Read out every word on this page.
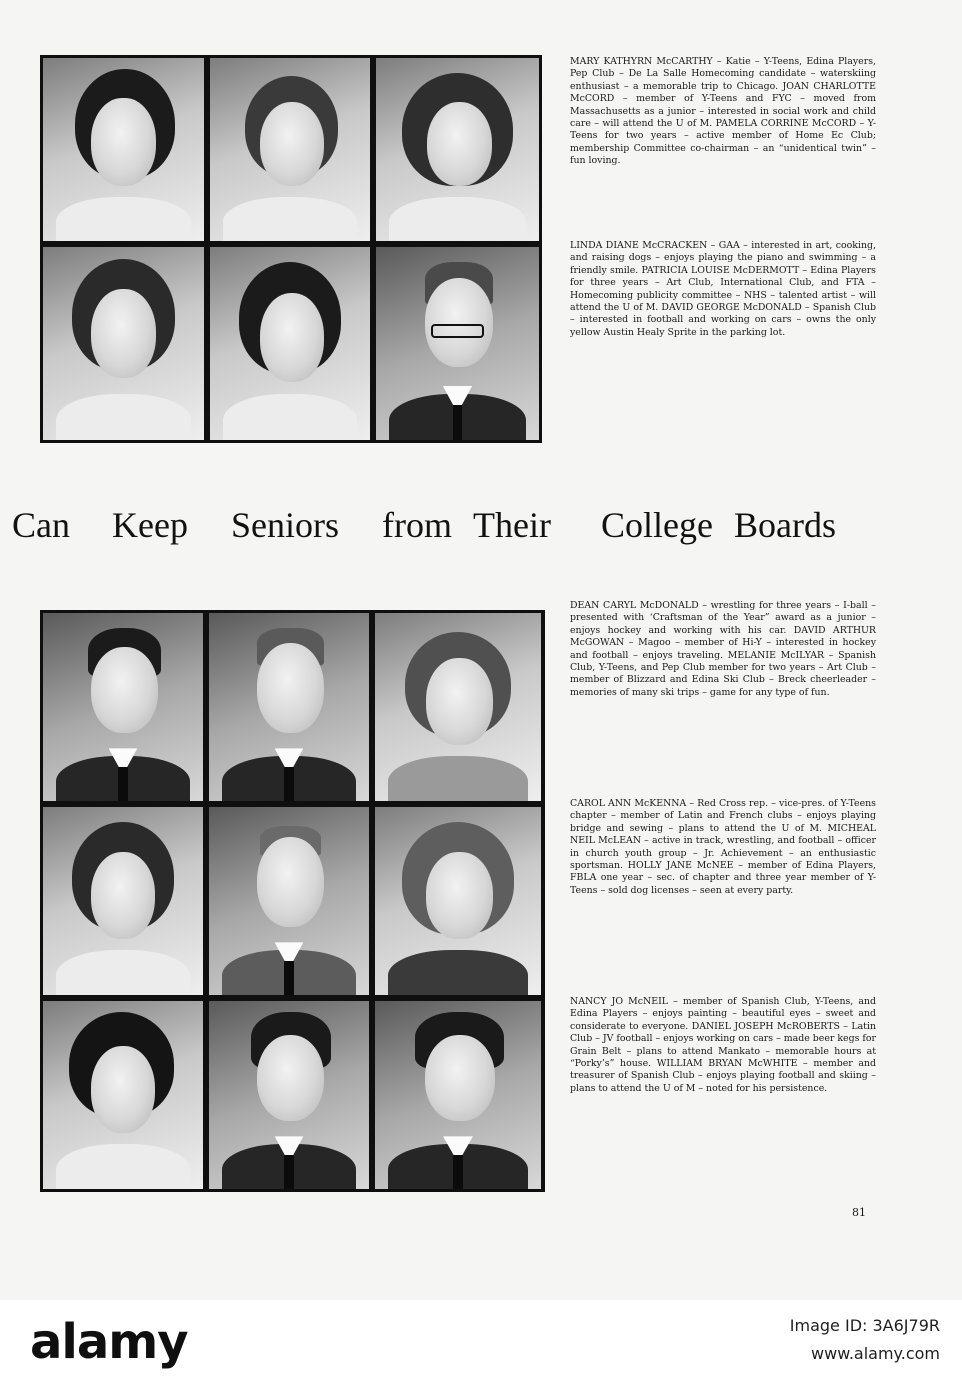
MARY KATHYRN McCARTHY – Katie – Y-Teens, Edina Players, Pep Club – De La Salle Homecoming candidate – waterskiing enthusiast – a memorable trip to Chicago. JOAN CHARLOTTE McCORD – member of Y-Teens and FYC – moved from Massachusetts as a junior – interested in social work and child care – will attend the U of M. PAMELA CORRINE McCORD – Y-Teens for two years – active member of Home Ec Club; membership Committee co-chairman – an “unidentical twin” – fun loving.

LINDA DIANE McCRACKEN – GAA – interested in art, cooking, and raising dogs – enjoys playing the piano and swimming – a friendly smile. PATRICIA LOUISE McDERMOTT – Edina Players for three years – Art Club, International Club, and FTA – Homecoming publicity committee – NHS – talented artist – will attend the U of M. DAVID GEORGE McDONALD – Spanish Club – interested in football and working on cars – owns the only yellow Austin Healy Sprite in the parking lot.

Can Keep Seniors from Their College Boards

DEAN CARYL McDONALD – wrestling for three years – I-ball – presented with ‘Craftsman of the Year” award as a junior – enjoys hockey and working with his car. DAVID ARTHUR McGOWAN – Magoo – member of Hi-Y – interested in hockey and football – enjoys traveling. MELANIE McILYAR – Spanish Club, Y-Teens, and Pep Club member for two years – Art Club – member of Blizzard and Edina Ski Club – Breck cheerleader – memories of many ski trips – game for any type of fun.

CAROL ANN McKENNA – Red Cross rep. – vice-pres. of Y-Teens chapter – member of Latin and French clubs – enjoys playing bridge and sewing – plans to attend the U of M. MICHEAL NEIL McLEAN – active in track, wrestling, and football – officer in church youth group – Jr. Achievement – an enthusiastic sportsman. HOLLY JANE McNEE – member of Edina Players, FBLA one year – sec. of chapter and three year member of Y-Teens – sold dog licenses – seen at every party.

NANCY JO McNEIL – member of Spanish Club, Y-Teens, and Edina Players – enjoys painting – beautiful eyes – sweet and considerate to everyone. DANIEL JOSEPH McROBERTS – Latin Club – JV football – enjoys working on cars – made beer kegs for Grain Belt – plans to attend Mankato – memorable hours at “Porky’s” house. WILLIAM BRYAN McWHITE – member and treasurer of Spanish Club – enjoys playing football and skiing – plans to attend the U of M – noted for his persistence.

81
alamy	Image ID: 3A6J79R
www.alamy.com
